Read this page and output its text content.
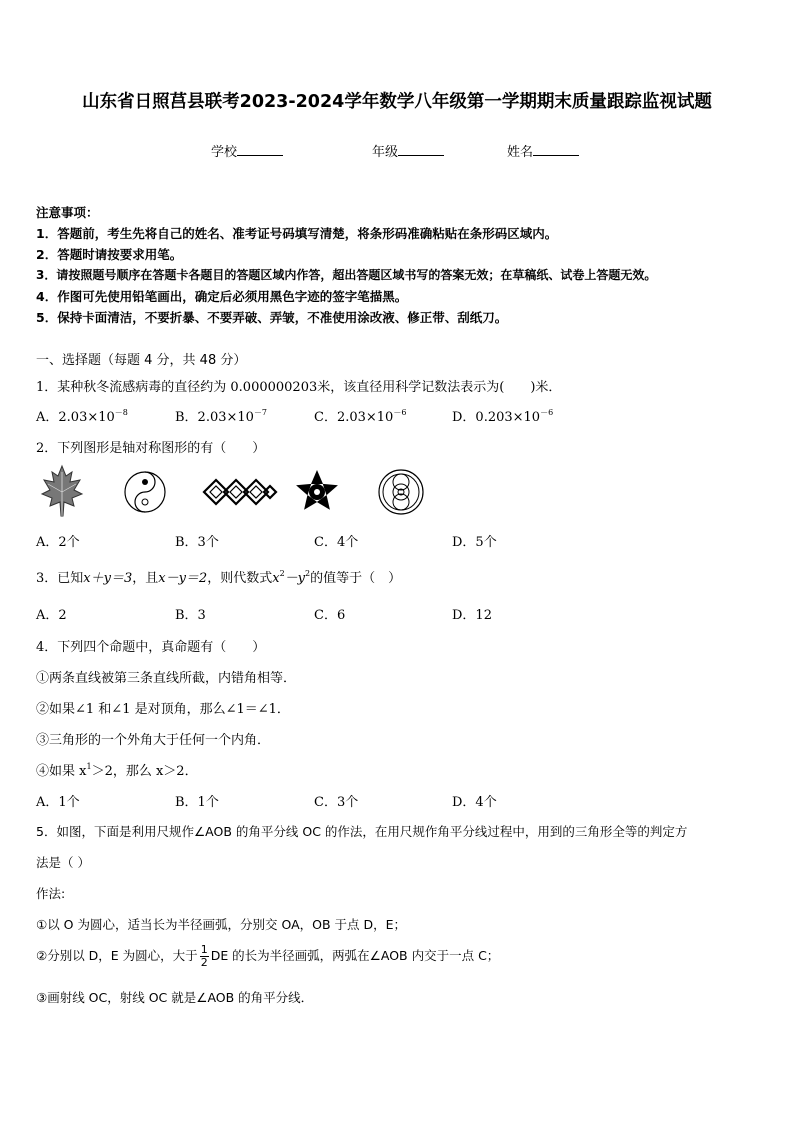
山东省日照莒县联考2023-2024学年数学八年级第一学期期末质量跟踪监视试题
学校	年级	姓名
注意事项：
1．答题前，考生先将自己的姓名、准考证号码填写清楚，将条形码准确粘贴在条形码区域内。
2．答题时请按要求用笔。
3．请按照题号顺序在答题卡各题目的答题区域内作答，超出答题区域书写的答案无效；在草稿纸、试卷上答题无效。
4．作图可先使用铅笔画出，确定后必须用黑色字迹的签字笔描黑。
5．保持卡面清洁，不要折暴、不要弄破、弄皱，不准使用涂改液、修正带、刮纸刀。
一、选择题（每题 4 分，共 48 分）
1．某种秋冬流感病毒的直径约为 0.000000203米，该直径用科学记数法表示为(　　)米．
A．$2.03\times 10^{-8}$	B．$2.03\times 10^{-7}$	C．$2.03\times 10^{-6}$	D．$0.203\times 10^{-6}$
2．下列图形是轴对称图形的有（　　）
A．2个	B．3个	C．4个	D．5个
3．已知x＋y＝3，且x－y＝2，则代数式$x^2-y^2$的值等于（　）
A．2	B．3	C．6	D．12
4．下列四个命题中，真命题有（　　）
①两条直线被第三条直线所截，内错角相等．
②如果∠1 和∠1 是对顶角，那么∠1＝∠1．
③三角形的一个外角大于任何一个内角．
④如果 $x^1>2$，那么 x＞2．
A．1个	B．1个	C．3个	D．4个
5．如图，下面是利用尺规作∠AOB 的角平分线 OC 的作法，在用尺规作角平分线过程中，用到的三角形全等的判定方
法是（ ）
作法:
①以 O 为圆心，适当长为半径画弧，分别交 OA，OB 于点 D，E；
②分别以 D，E 为圆心，大于 $\frac{1}{2}$ DE 的长为半径画弧，两弧在∠AOB 内交于一点 C；
③画射线 OC，射线 OC 就是∠AOB 的角平分线．
